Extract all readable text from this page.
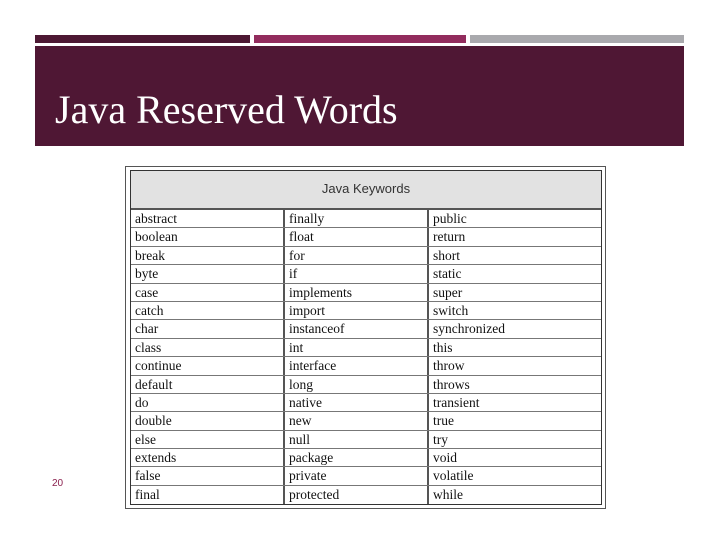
Java Reserved Words
Java Keywords
abstract	finally	public
boolean	float	return
break	for	short
byte	if	static
case	implements	super
catch	import	switch
char	instanceof	synchronized
class	int	this
continue	interface	throw
default	long	throws
do	native	transient
double	new	true
else	null	try
extends	package	void
false	private	volatile
final	protected	while
20
